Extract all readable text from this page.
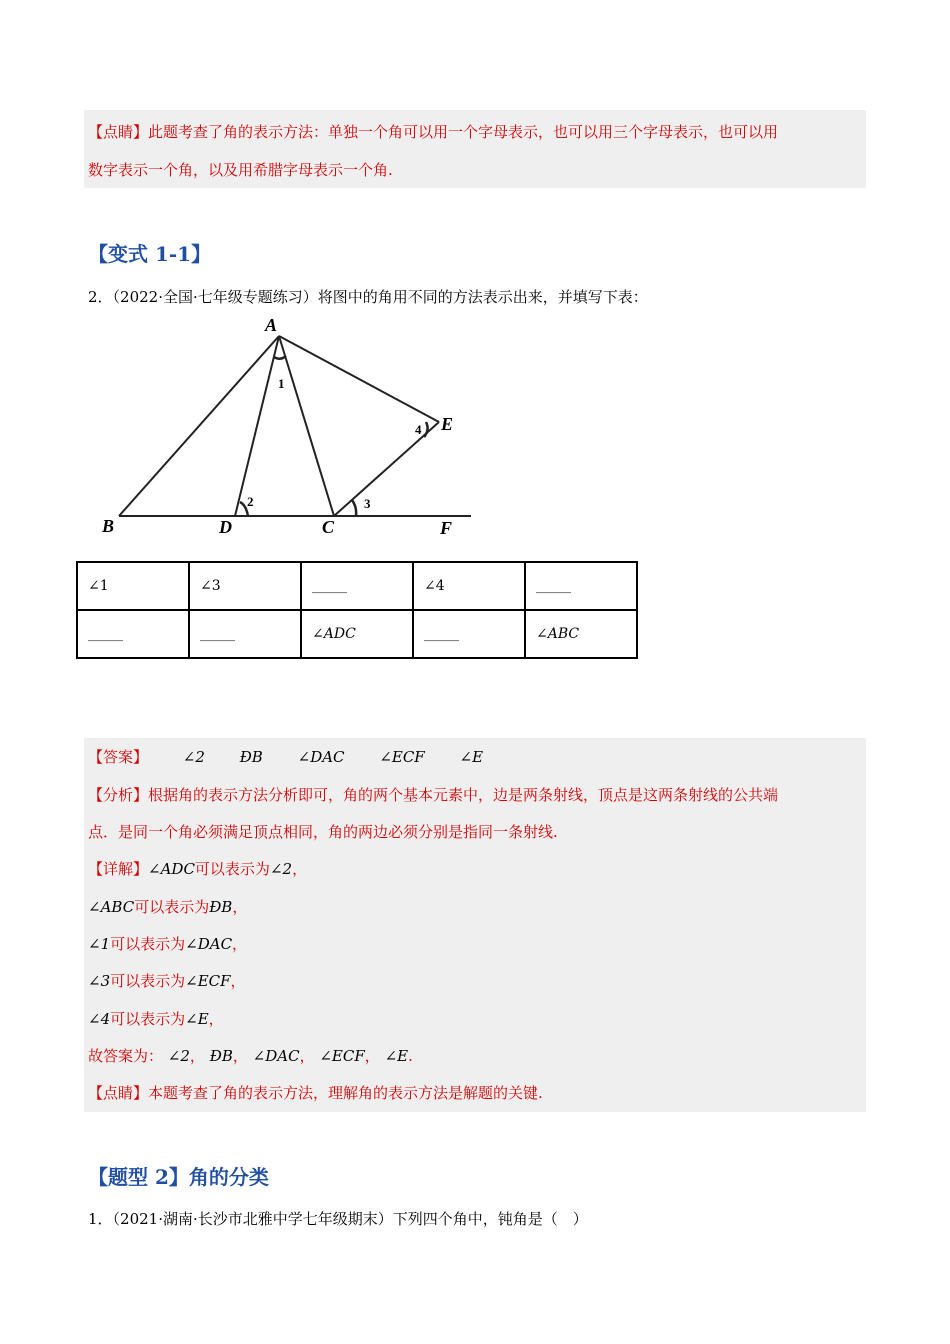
【点睛】此题考查了角的表示方法：单独一个角可以用一个字母表示，也可以用三个字母表示，也可以用
数字表示一个角，以及用希腊字母表示一个角.
【变式 1-1】
2．（2022·全国·七年级专题练习）将图中的角用不同的方法表示出来，并填写下表：
A
B	D	C
E
F
1
2	3
4
∠1	∠3	_____	∠4	_____
_____	_____	∠ADC	_____	∠ABC
【答案】 ∠2 ÐB ∠DAC ∠ECF ∠E
【分析】根据角的表示方法分析即可，角的两个基本元素中，边是两条射线，顶点是这两条射线的公共端
点．是同一个角必须满足顶点相同，角的两边必须分别是指同一条射线.
【详解】∠ADC可以表示为∠2，
∠ABC可以表示为ÐB，
∠1可以表示为∠DAC，
∠3可以表示为∠ECF，
∠4可以表示为∠E，
故答案为： ∠2， ÐB， ∠DAC， ∠ECF， ∠E.
【点睛】本题考查了角的表示方法，理解角的表示方法是解题的关键.
【题型 2】角的分类
1．（2021·湖南·长沙市北雅中学七年级期末）下列四个角中，钝角是（　）
